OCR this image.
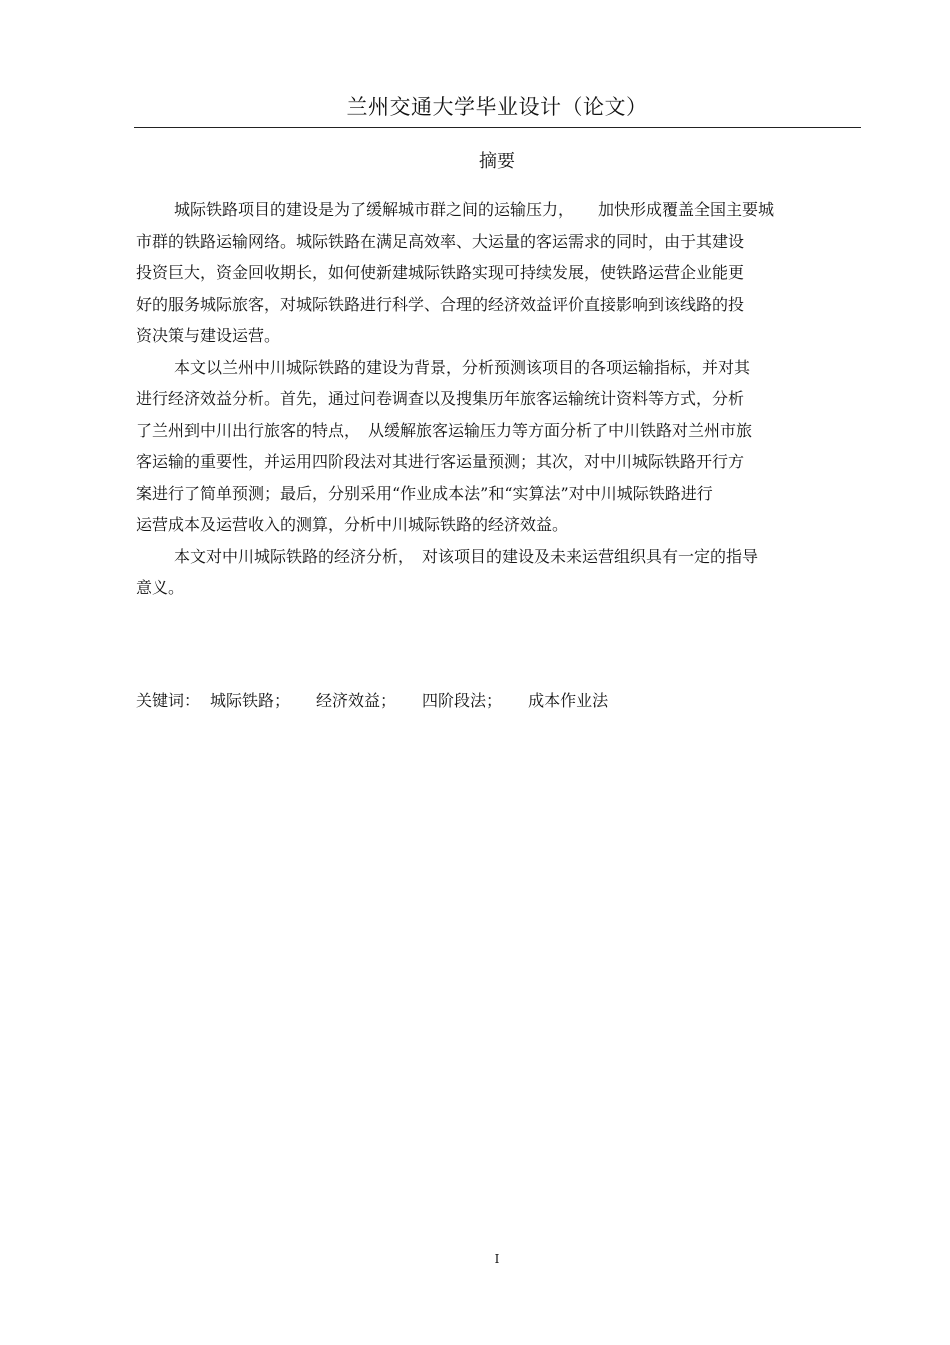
兰州交通大学毕业设计（论文）
摘要
城际铁路项目的建设是为了缓解城市群之间的运输压力，　　加快形成覆盖全国主要城
市群的铁路运输网络。城际铁路在满足高效率、大运量的客运需求的同时，由于其建设
投资巨大，资金回收期长，如何使新建城际铁路实现可持续发展，使铁路运营企业能更
好的服务城际旅客，对城际铁路进行科学、合理的经济效益评价直接影响到该线路的投
资决策与建设运营。
本文以兰州中川城际铁路的建设为背景，分析预测该项目的各项运输指标，并对其
进行经济效益分析。首先，通过问卷调查以及搜集历年旅客运输统计资料等方式，分析
了兰州到中川出行旅客的特点，　从缓解旅客运输压力等方面分析了中川铁路对兰州市旅
客运输的重要性，并运用四阶段法对其进行客运量预测；其次，对中川城际铁路开行方
案进行了简单预测；最后，分别采用“作业成本法”和“实算法”对中川城际铁路进行
运营成本及运营收入的测算，分析中川城际铁路的经济效益。
本文对中川城际铁路的经济分析，　对该项目的建设及未来运营组织具有一定的指导
意义。
关键词： 城际铁路； 经济效益； 四阶段法； 成本作业法
I
